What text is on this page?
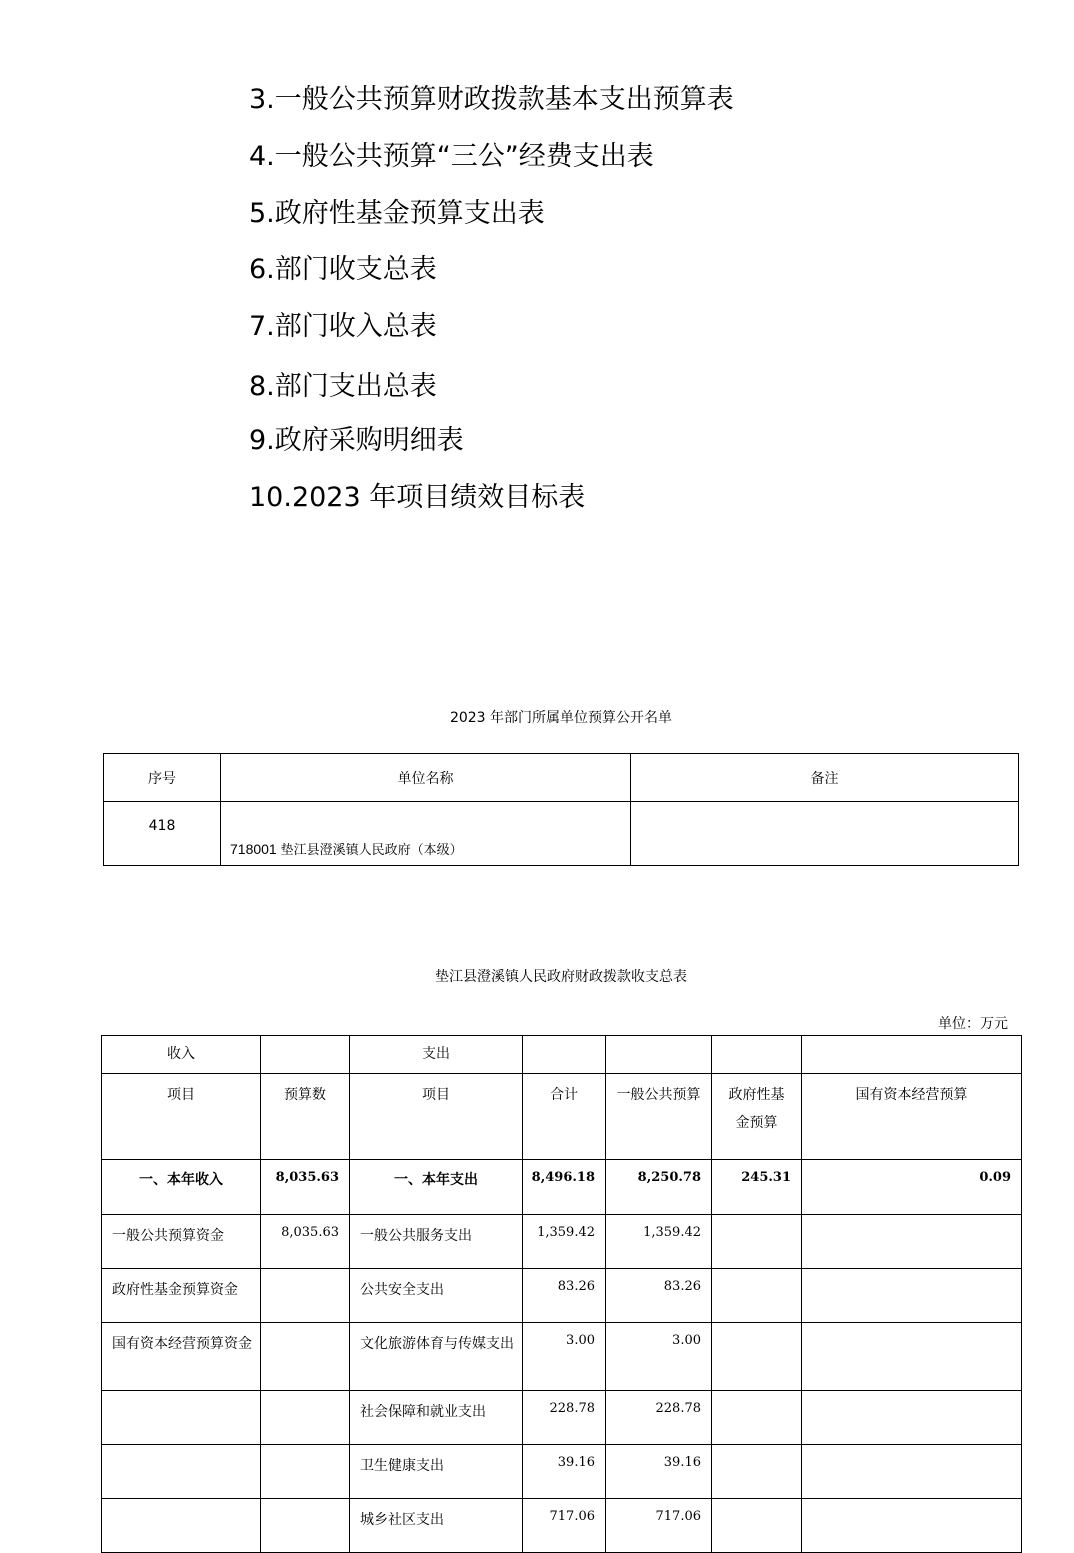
3.一般公共预算财政拨款基本支出预算表
4.一般公共预算“三公”经费支出表
5.政府性基金预算支出表
6.部门收支总表
7.部门收入总表
8.部门支出总表
9.政府采购明细表
10.2023 年项目绩效目标表
2023 年部门所属单位预算公开名单
序号	单位名称	备注
418	718001 垫江县澄溪镇人民政府（本级）	
垫江县澄溪镇人民政府财政拨款收支总表
单位：万元
收入		支出				
项目	预算数	项目	合计	一般公共预算	政府性基金预算	国有资本经营预算
一、本年收入	8,035.63	一、本年支出	8,496.18	8,250.78	245.31	0.09
一般公共预算资金	8,035.63	一般公共服务支出	1,359.42	1,359.42		
政府性基金预算资金		公共安全支出	83.26	83.26		
国有资本经营预算资金		文化旅游体育与传媒支出	3.00	3.00		
		社会保障和就业支出	228.78	228.78		
		卫生健康支出	39.16	39.16		
		城乡社区支出	717.06	717.06		
